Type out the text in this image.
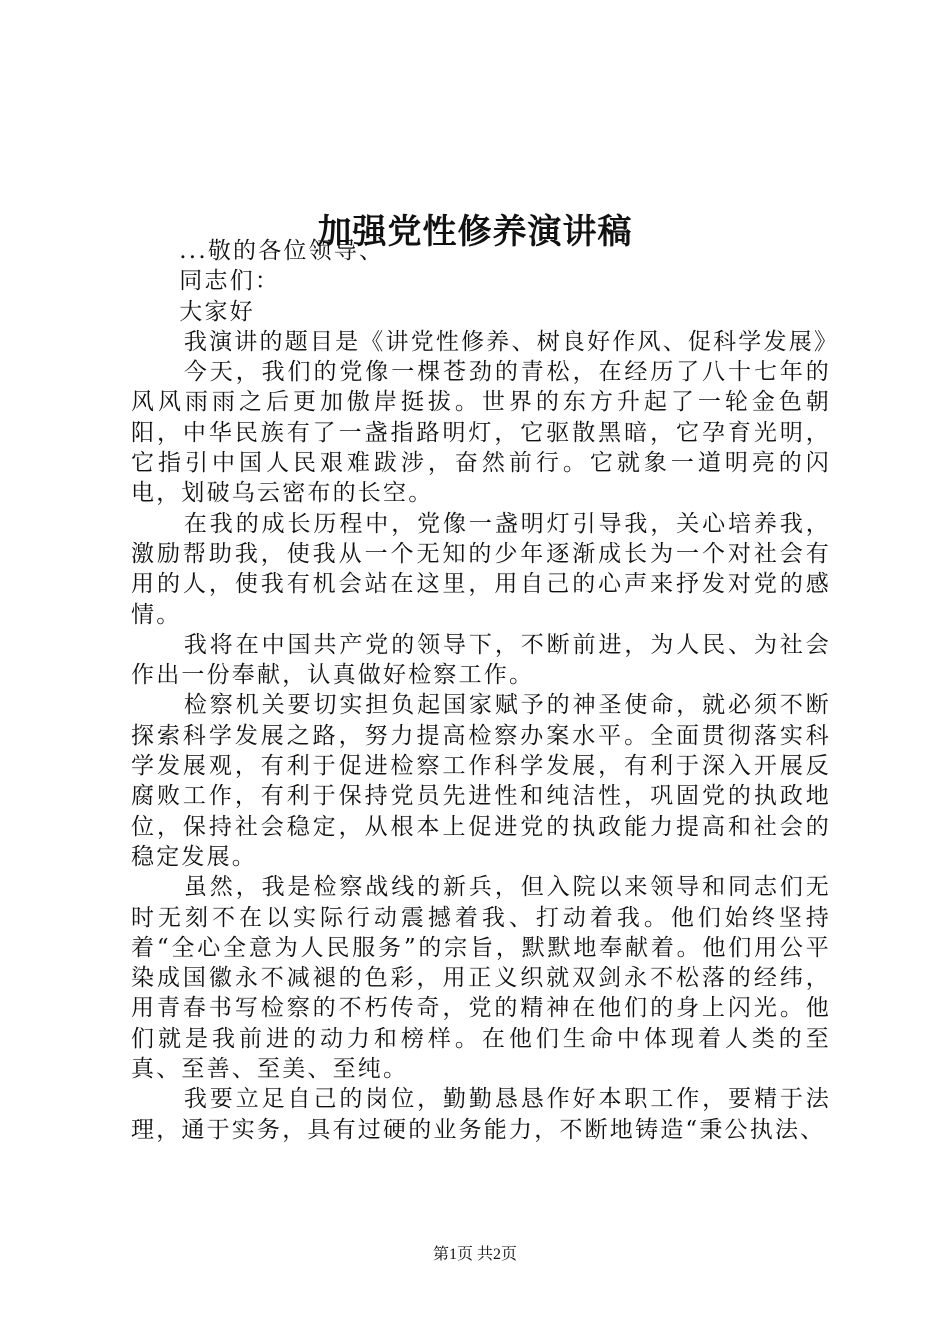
加强党性修养演讲稿

...敬的各位领导、

同志们：

大家好

我演讲的题目是《讲党性修养、树良好作风、促科学发展》

今天，我们的党像一棵苍劲的青松，在经历了八十七年的风风雨雨之后更加傲岸挺拔。世界的东方升起了一轮金色朝阳，中华民族有了一盏指路明灯，它驱散黑暗，它孕育光明，它指引中国人民艰难跋涉，奋然前行。它就象一道明亮的闪电，划破乌云密布的长空。

在我的成长历程中，党像一盏明灯引导我，关心培养我，激励帮助我，使我从一个无知的少年逐渐成长为一个对社会有用的人，使我有机会站在这里，用自己的心声来抒发对党的感情。

我将在中国共产党的领导下，不断前进，为人民、为社会作出一份奉献，认真做好检察工作。

检察机关要切实担负起国家赋予的神圣使命，就必须不断探索科学发展之路，努力提高检察办案水平。全面贯彻落实科学发展观，有利于促进检察工作科学发展，有利于深入开展反腐败工作，有利于保持党员先进性和纯洁性，巩固党的执政地位，保持社会稳定，从根本上促进党的执政能力提高和社会的稳定发展。

虽然，我是检察战线的新兵，但入院以来领导和同志们无时无刻不在以实际行动震撼着我、打动着我。他们始终坚持着“全心全意为人民服务”的宗旨，默默地奉献着。他们用公平染成国徽永不减褪的色彩，用正义织就双剑永不松落的经纬，用青春书写检察的不朽传奇，党的精神在他们的身上闪光。他们就是我前进的动力和榜样。在他们生命中体现着人类的至真、至善、至美、至纯。

我要立足自己的岗位，勤勤恳恳作好本职工作，要精于法理，通于实务，具有过硬的业务能力，不断地铸造“秉公执法、

第1页 共2页
